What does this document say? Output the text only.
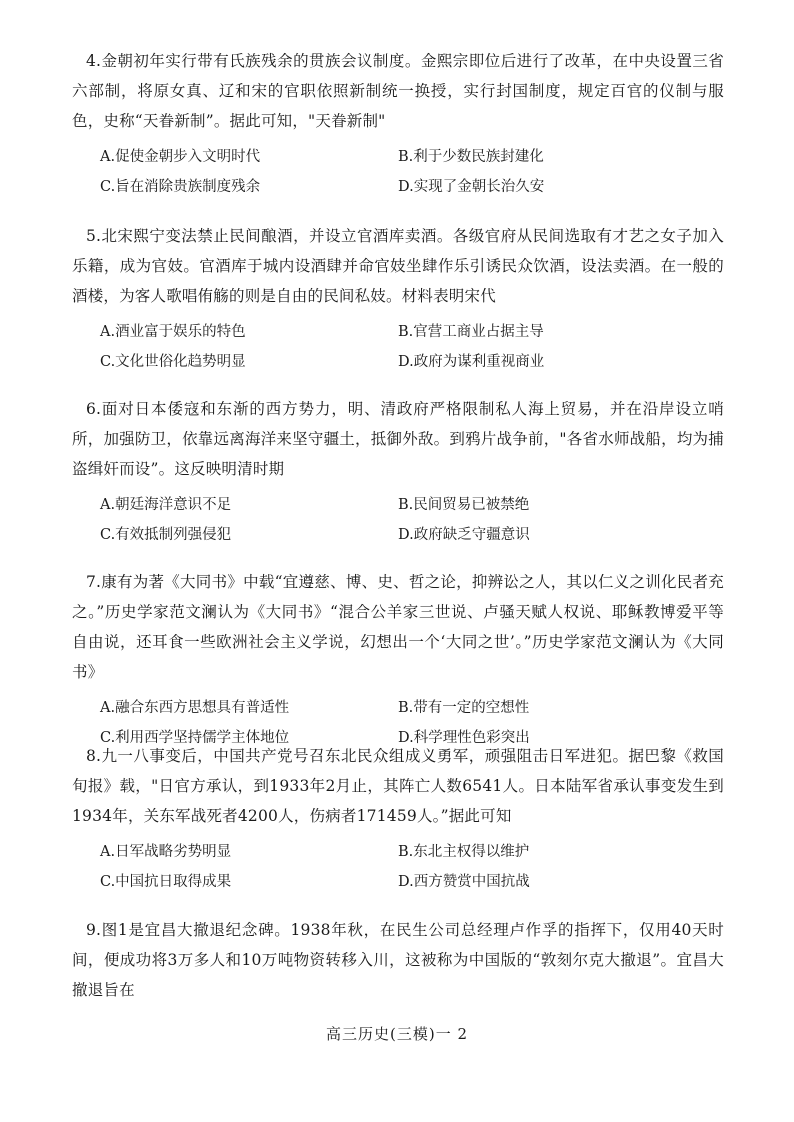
4.金朝初年实行带有氏族残余的贯族会议制度。金熙宗即位后进行了改革，在中央设置三省六部制，将原女真、辽和宋的官职依照新制统一换授，实行封国制度，规定百官的仪制与服色，史称“天眷新制”。据此可知，"天眷新制"

A.促使金朝步入文明时代	B.利于少数民族封建化
C.旨在消除贵族制度残余	D.实现了金朝长治久安

5.北宋熙宁变法禁止民间酿酒，并设立官酒库卖酒。各级官府从民间选取有才艺之女子加入乐籍，成为官妓。官酒库于城内设酒肆并命官妓坐肆作乐引诱民众饮酒，设法卖酒。在一般的酒楼，为客人歌唱侑觞的则是自由的民间私妓。材料表明宋代

A.酒业富于娱乐的特色	B.官营工商业占据主导
C.文化世俗化趋势明显	D.政府为谋利重视商业

6.面对日本倭寇和东渐的西方势力，明、清政府严格限制私人海上贸易，并在沿岸设立哨所，加强防卫，依靠远离海洋来坚守疆土，抵御外敌。到鸦片战争前，"各省水师战船，均为捕盗缉奸而设”。这反映明清时期

A.朝廷海洋意识不足	B.民间贸易已被禁绝
C.有效抵制列强侵犯	D.政府缺乏守疆意识

7.康有为著《大同书》中载“宜遵慈、博、史、哲之论，抑辨讼之人，其以仁义之训化民者充之。”历史学家范文澜认为《大同书》“混合公羊家三世说、卢骚天赋人权说、耶稣教博爱平等自由说，还耳食一些欧洲社会主义学说，幻想出一个‘大同之世’。”历史学家范文澜认为《大同书》

A.融合东西方思想具有普适性	B.带有一定的空想性
C.利用西学坚持儒学主体地位	D.科学理性色彩突出

8.九一八事变后，中国共产党号召东北民众组成义勇军，顽强阻击日军进犯。据巴黎《救国旬报》载，"日官方承认，到1933年2月止，其阵亡人数6541人。日本陆军省承认事变发生到1934年，关东军战死者4200人，伤病者171459人。”据此可知

A.日军战略劣势明显	B.东北主权得以维护
C.中国抗日取得成果	D.西方赞赏中国抗战

9.图1是宜昌大撤退纪念碑。1938年秋，在民生公司总经理卢作孚的指挥下，仅用40天时间，便成功将3万多人和10万吨物资转移入川，这被称为中国版的“敦刻尔克大撤退”。宜昌大撤退旨在

高三历史(三模)一 2
